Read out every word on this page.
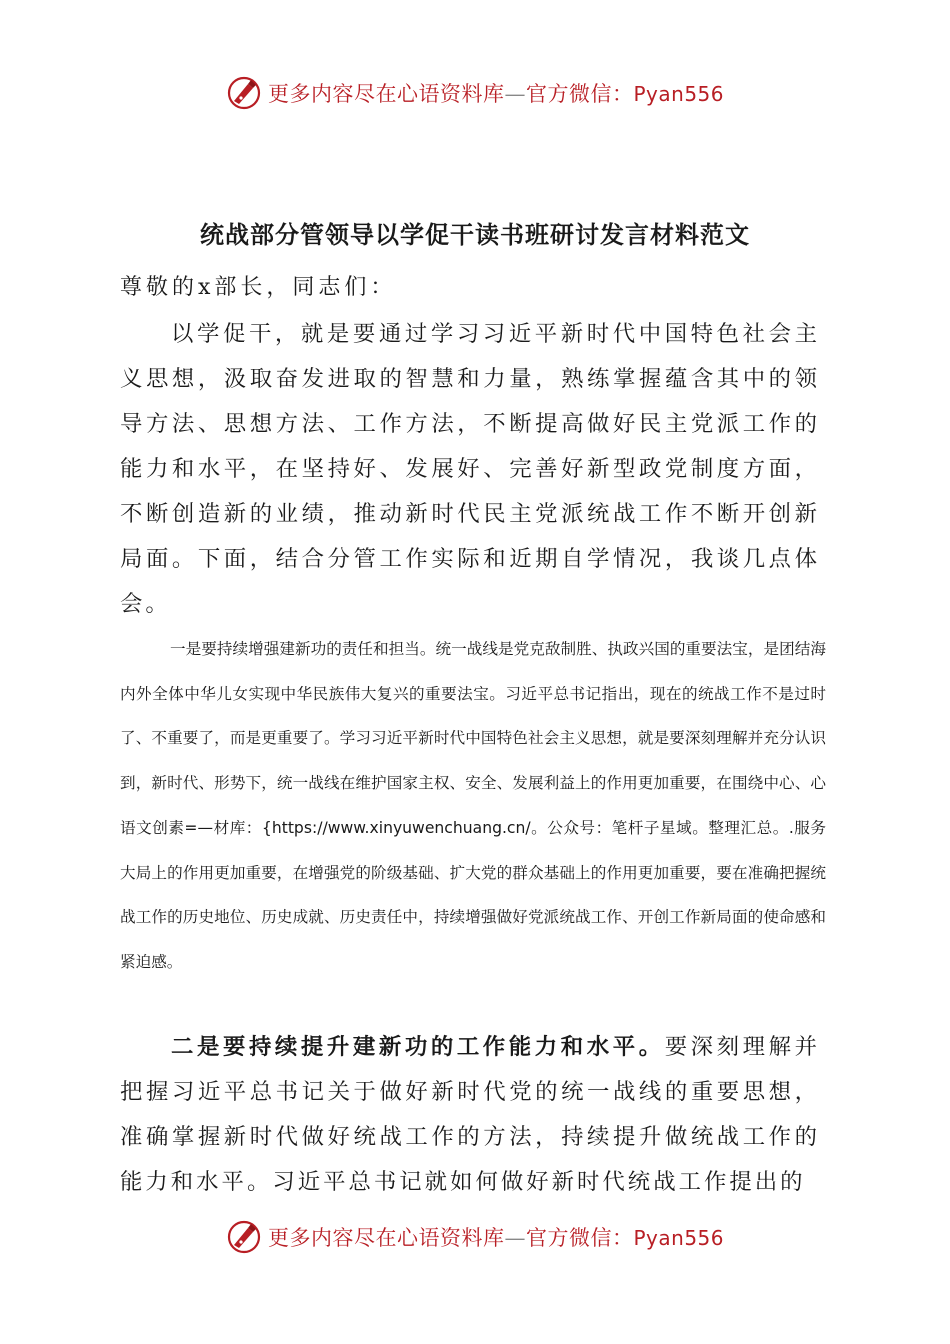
更多内容尽在心语资料库—官方微信：Pyan556
统战部分管领导以学促干读书班研讨发言材料范文
尊敬的x部长，同志们：

以学促干，就是要通过学习习近平新时代中国特色社会主义思想，汲取奋发进取的智慧和力量，熟练掌握蕴含其中的领导方法、思想方法、工作方法，不断提高做好民主党派工作的能力和水平，在坚持好、发展好、完善好新型政党制度方面，不断创造新的业绩，推动新时代民主党派统战工作不断开创新局面。下面，结合分管工作实际和近期自学情况，我谈几点体会。

一是要持续增强建新功的责任和担当。统一战线是党克敌制胜、执政兴国的重要法宝，是团结海内外全体中华儿女实现中华民族伟大复兴的重要法宝。习近平总书记指出，现在的统战工作不是过时了、不重要了，而是更重要了。学习习近平新时代中国特色社会主义思想，就是要深刻理解并充分认识到，新时代、形势下，统一战线在维护国家主权、安全、发展利益上的作用更加重要，在围绕中心、心语文创素=—材库：{https://www.xinyuwenchuang.cn/。公众号：笔杆子星域。整理汇总。.服务大局上的作用更加重要，在增强党的阶级基础、扩大党的群众基础上的作用更加重要，要在准确把握统战工作的历史地位、历史成就、历史责任中，持续增强做好党派统战工作、开创工作新局面的使命感和紧迫感。

二是要持续提升建新功的工作能力和水平。要深刻理解并把握习近平总书记关于做好新时代党的统一战线的重要思想，准确掌握新时代做好统战工作的方法，持续提升做统战工作的能力和水平。习近平总书记就如何做好新时代统战工作提出的

更多内容尽在心语资料库—官方微信：Pyan556
